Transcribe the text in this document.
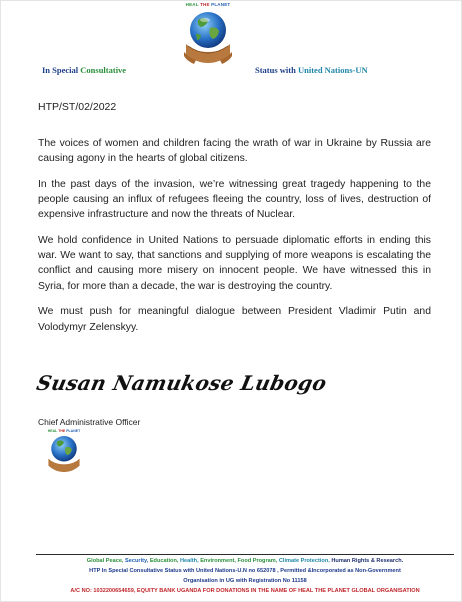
HEAL THE PLANET
In Special Consultative	Status with United Nations-UN
HTP/ST/02/2022

The voices of women and children facing the wrath of war in Ukraine by Russia are causing agony in the hearts of global citizens.

In the past days of the invasion, we’re witnessing great tragedy happening to the people causing an influx of refugees fleeing the country, loss of lives, destruction of expensive infrastructure and now the threats of Nuclear.

We hold confidence in United Nations to persuade diplomatic efforts in ending this war. We want to say, that sanctions and supplying of more weapons is escalating the conflict and causing more misery on innocent people. We have witnessed this in Syria, for more than a decade, the war is destroying the country.

We must push for meaningful dialogue between President Vladimir Putin and Volodymyr Zelenskyy.

Susan Namukose Lubogo
Chief Administrative Officer
HEAL THE PLANET
Global Peace, Security, Education, Health, Environment, Food Program, Climate Protection, Human Rights & Research.
HTP In Special Consultative Status with United Nations-U.N no 652078 , Permitted &Incorporated as Non-Government
Organisation in UG with Registration No 11158
A/C NO: 1032200654659, EQUITY BANK UGANDA FOR DONATIONS IN THE NAME OF HEAL THE PLANET GLOBAL ORGANISATION
